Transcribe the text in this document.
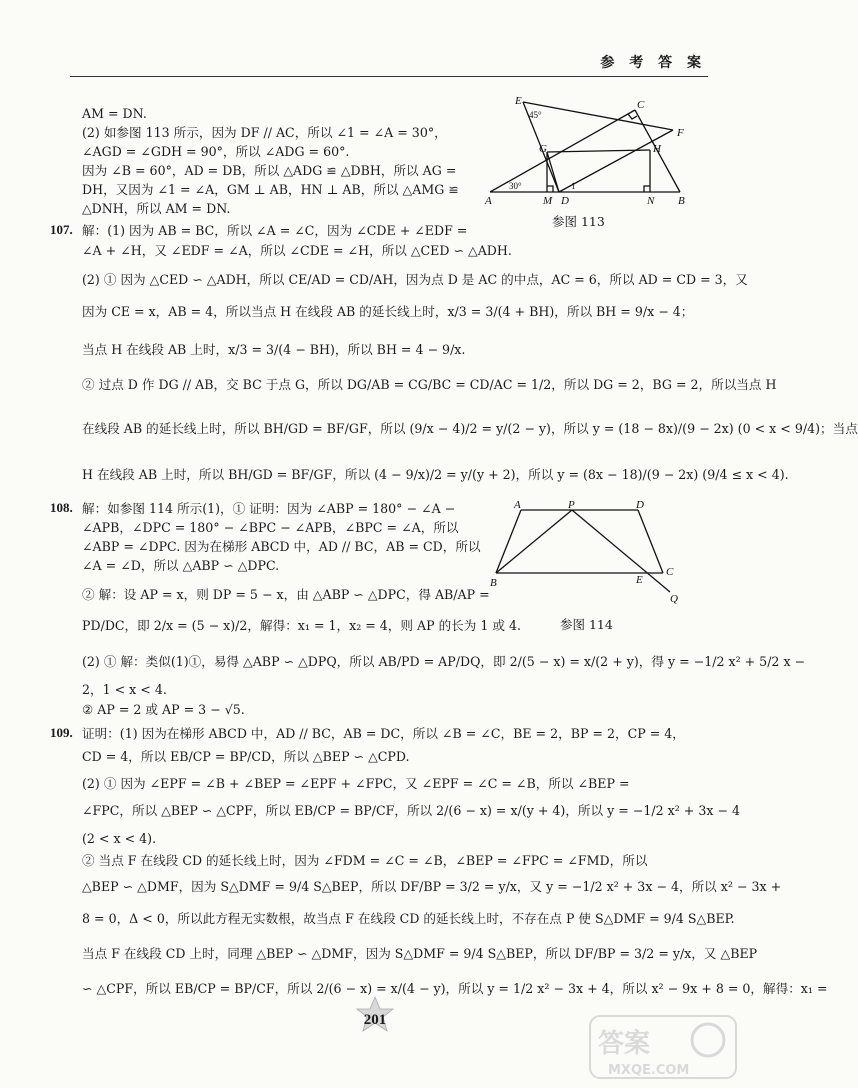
参 考 答 案
AM = DN.
(2) 如参图 113 所示，因为 DF // AC，所以 ∠1 = ∠A = 30°，
∠AGD = ∠GDH = 90°，所以 ∠ADG = 60°.
因为 ∠B = 60°，AD = DB，所以 △ADG ≌ △DBH，所以 AG =
DH，又因为 ∠1 = ∠A，GM ⊥ AB，HN ⊥ AB，所以 △AMG ≌
△DNH，所以 AM = DN.
107. 解：(1) 因为 AB = BC，所以 ∠A = ∠C，因为 ∠CDE + ∠EDF =
∠A + ∠H，又 ∠EDF = ∠A，所以 ∠CDE = ∠H，所以 △CED ∽ △ADH.
(2) ① 因为 △CED ∽ △ADH，所以 CE/AD = CD/AH，因为点 D 是 AC 的中点，AC = 6，所以 AD = CD = 3，又
因为 CE = x，AB = 4，所以当点 H 在线段 AB 的延长线上时，x/3 = 3/(4 + BH)，所以 BH = 9/x − 4；
当点 H 在线段 AB 上时，x/3 = 3/(4 − BH)，所以 BH = 4 − 9/x.
② 过点 D 作 DG // AB，交 BC 于点 G，所以 DG/AB = CG/BC = CD/AC = 1/2，所以 DG = 2，BG = 2，所以当点 H
在线段 AB 的延长线上时，所以 BH/GD = BF/GF，所以 (9/x − 4)/2 = y/(2 − y)，所以 y = (18 − 8x)/(9 − 2x) (0 < x < 9/4)；当点
H 在线段 AB 上时，所以 BH/GD = BF/GF，所以 (4 − 9/x)/2 = y/(y + 2)，所以 y = (8x − 18)/(9 − 2x) (9/4 ≤ x < 4).
108. 解：如参图 114 所示(1)，① 证明：因为 ∠ABP = 180° − ∠A −
∠APB，∠DPC = 180° − ∠BPC − ∠APB，∠BPC = ∠A，所以
∠ABP = ∠DPC. 因为在梯形 ABCD 中，AD // BC，AB = CD，所以
∠A = ∠D，所以 △ABP ∽ △DPC.
② 解：设 AP = x，则 DP = 5 − x，由 △ABP ∽ △DPC，得 AB/AP =
PD/DC，即 2/x = (5 − x)/2，解得：x₁ = 1，x₂ = 4，则 AP 的长为 1 或 4.
(2) ① 解：类似(1)①，易得 △ABP ∽ △DPQ，所以 AB/PD = AP/DQ，即 2/(5 − x) = x/(2 + y)，得 y = −1/2 x² + 5/2 x −
2，1 < x < 4.
② AP = 2 或 AP = 3 − √5.
109. 证明：(1) 因为在梯形 ABCD 中，AD // BC，AB = DC，所以 ∠B = ∠C，BE = 2，BP = 2，CP = 4，
CD = 4，所以 EB/CP = BP/CD，所以 △BEP ∽ △CPD.
(2) ① 因为 ∠EPF = ∠B + ∠BEP = ∠EPF + ∠FPC，又 ∠EPF = ∠C = ∠B，所以 ∠BEP =
∠FPC，所以 △BEP ∽ △CPF，所以 EB/CP = BP/CF，所以 2/(6 − x) = x/(y + 4)，所以 y = −1/2 x² + 3x − 4
(2 < x < 4).
② 当点 F 在线段 CD 的延长线上时，因为 ∠FDM = ∠C = ∠B，∠BEP = ∠FPC = ∠FMD，所以
△BEP ∽ △DMF，因为 S△DMF = 9/4 S△BEP，所以 DF/BP = 3/2 = y/x，又 y = −1/2 x² + 3x − 4，所以 x² − 3x +
8 = 0，Δ < 0，所以此方程无实数根，故当点 F 在线段 CD 的延长线上时，不存在点 P 使 S△DMF = 9/4 S△BEP.
当点 F 在线段 CD 上时，同理 △BEP ∽ △DMF，因为 S△DMF = 9/4 S△BEP，所以 DF/BP = 3/2 = y/x，又 △BEP
∽ △CPF，所以 EB/CP = BP/CF，所以 2/(6 − x) = x/(4 − y)，所以 y = 1/2 x² − 3x + 4，所以 x² − 9x + 8 = 0，解得：x₁ =
E	C
F
G	H
A	M D	N B
45°
30°	1
参图 113
A	P	D
B	E
C
Q
参图 114
201
答案
MXQE.COM
